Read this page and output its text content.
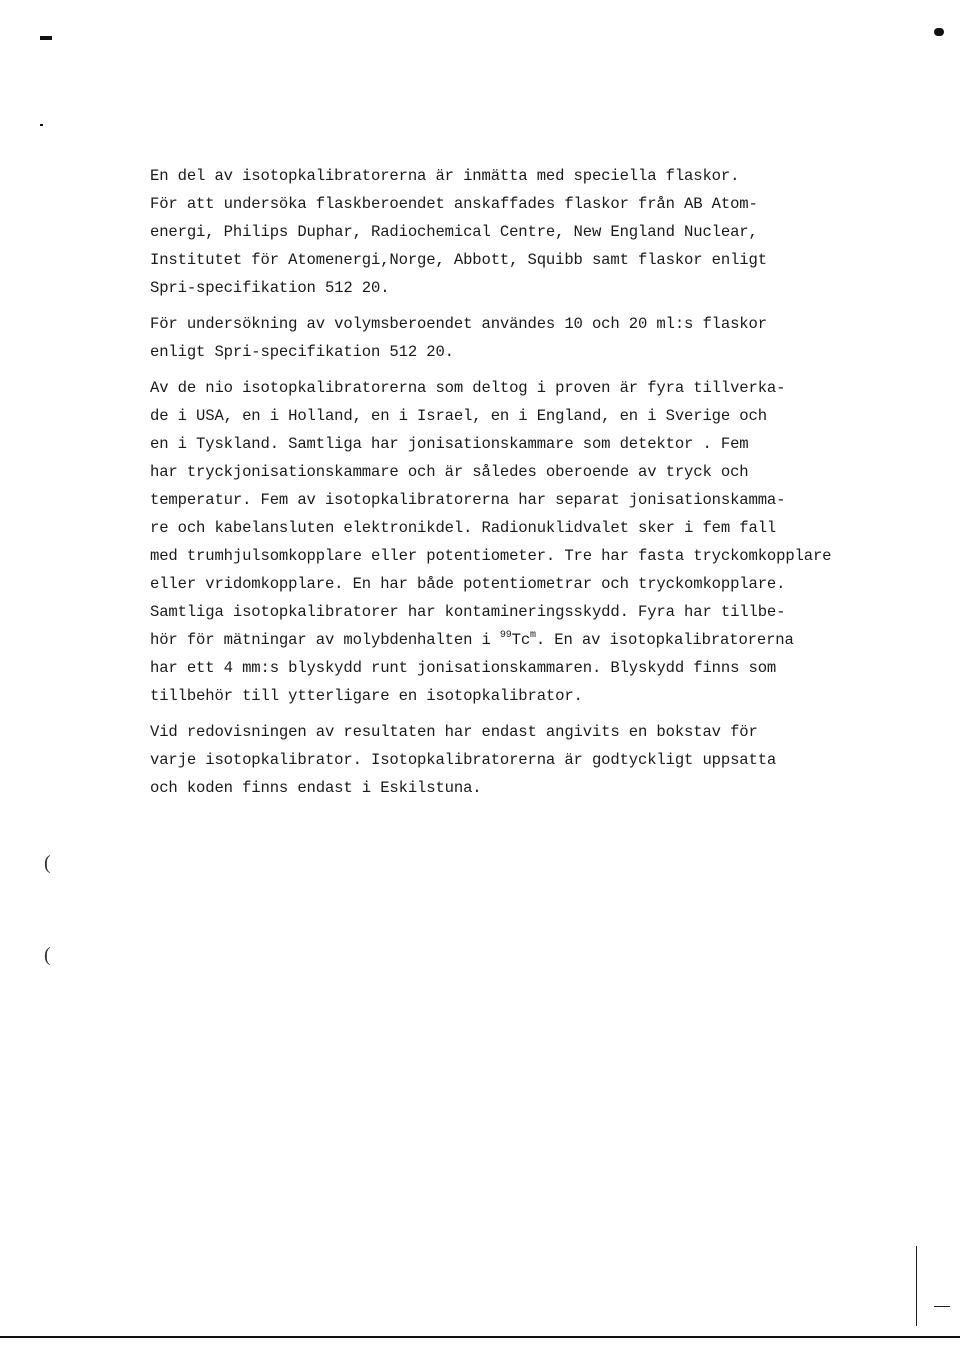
En del av isotopkalibratorerna är inmätta med speciella flaskor.
För att undersöka flaskberoendet anskaffades flaskor från AB Atom-
energi, Philips Duphar, Radiochemical Centre, New England Nuclear,
Institutet för Atomenergi,Norge, Abbott, Squibb samt flaskor enligt
Spri-specifikation 512 20.

För undersökning av volymsberoendet användes 10 och 20 ml:s flaskor
enligt Spri-specifikation 512 20.

Av de nio isotopkalibratorerna som deltog i proven är fyra tillverka-
de i USA, en i Holland, en i Israel, en i England, en i Sverige och
en i Tyskland. Samtliga har jonisationskammare som detektor . Fem
har tryckjonisationskammare och är således oberoende av tryck och
temperatur. Fem av isotopkalibratorerna har separat jonisationskamma-
re och kabelansluten elektronikdel. Radionuklidvalet sker i fem fall
med trumhjulsomkopplare eller potentiometer. Tre har fasta tryckomkopplare
eller vridomkopplare. En har både potentiometrar och tryckomkopplare.
Samtliga isotopkalibratorer har kontamineringsskydd. Fyra har tillbe-
hör för mätningar av molybdenhalten i $^{99}$Tc$^m$. En av isotopkalibratorerna
har ett 4 mm:s blyskydd runt jonisationskammaren. Blyskydd finns som
tillbehör till ytterligare en isotopkalibrator.

Vid redovisningen av resultaten har endast angivits en bokstav för
varje isotopkalibrator. Isotopkalibratorerna är godtyckligt uppsatta
och koden finns endast i Eskilstuna.

(
(
